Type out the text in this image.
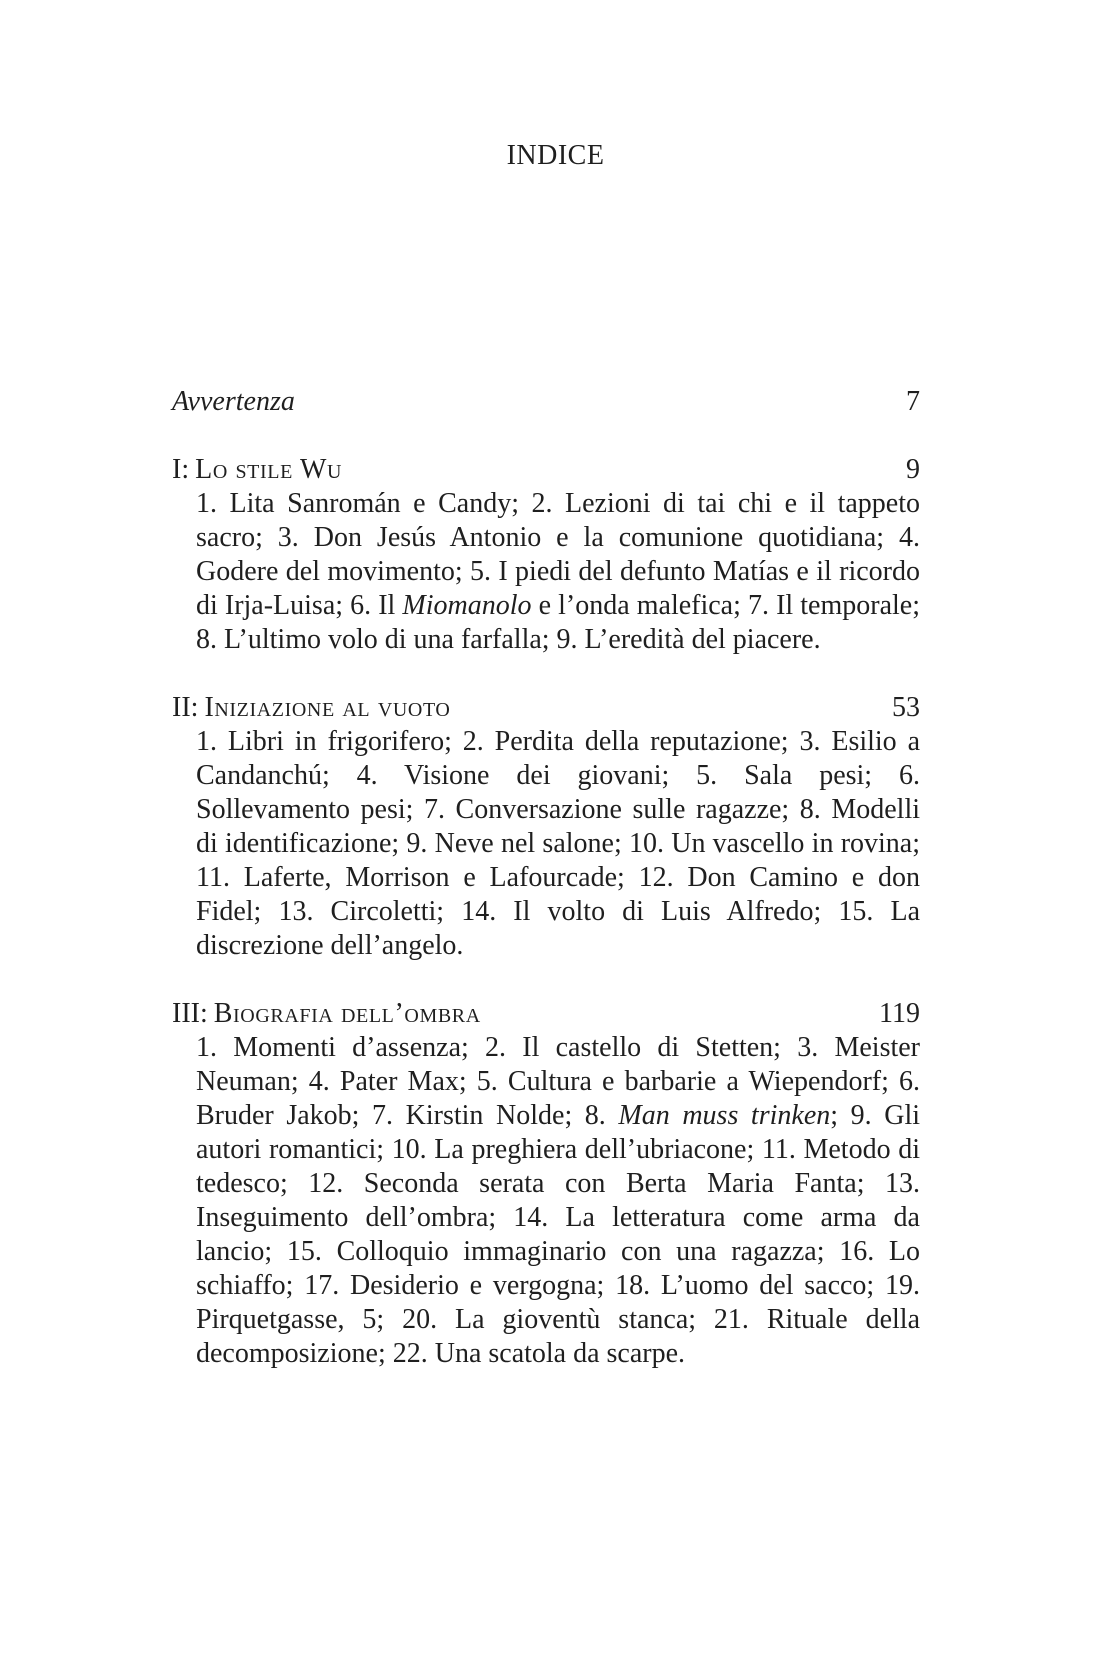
INDICE
Avvertenza	7
I: Lo stile Wu	9
1. Lita Sanromán e Candy; 2. Lezioni di tai chi e il tappeto sacro; 3. Don Jesús Antonio e la comunione quotidiana; 4. Godere del movimento; 5. I piedi del defunto Matías e il ricordo di Irja-Luisa; 6. Il Miomanolo e l’onda malefica; 7. Il temporale; 8. L’ultimo volo di una farfalla; 9. L’eredità del piacere.
II: Iniziazione al vuoto	53
1. Libri in frigorifero; 2. Perdita della reputazione; 3. Esilio a Candanchú; 4. Visione dei giovani; 5. Sala pesi; 6. Sollevamento pesi; 7. Conversazione sulle ragazze; 8. Modelli di identificazione; 9. Neve nel salone; 10. Un vascello in rovina; 11. Laferte, Morrison e Lafourcade; 12. Don Camino e don Fidel; 13. Circoletti; 14. Il volto di Luis Alfredo; 15. La discrezione dell’angelo.
III: Biografia dell’ombra	119
1. Momenti d’assenza; 2. Il castello di Stetten; 3. Meister Neuman; 4. Pater Max; 5. Cultura e barbarie a Wiependorf; 6. Bruder Jakob; 7. Kirstin Nolde; 8. Man muss trinken; 9. Gli autori romantici; 10. La preghiera dell’ubriacone; 11. Metodo di tedesco; 12. Seconda serata con Berta Maria Fanta; 13. Inseguimento dell’ombra; 14. La letteratura come arma da lancio; 15. Colloquio immaginario con una ragazza; 16. Lo schiaffo; 17. Desiderio e vergogna; 18. L’uomo del sacco; 19. Pirquetgasse, 5; 20. La gioventù stanca; 21. Rituale della decomposizione; 22. Una scatola da scarpe.
